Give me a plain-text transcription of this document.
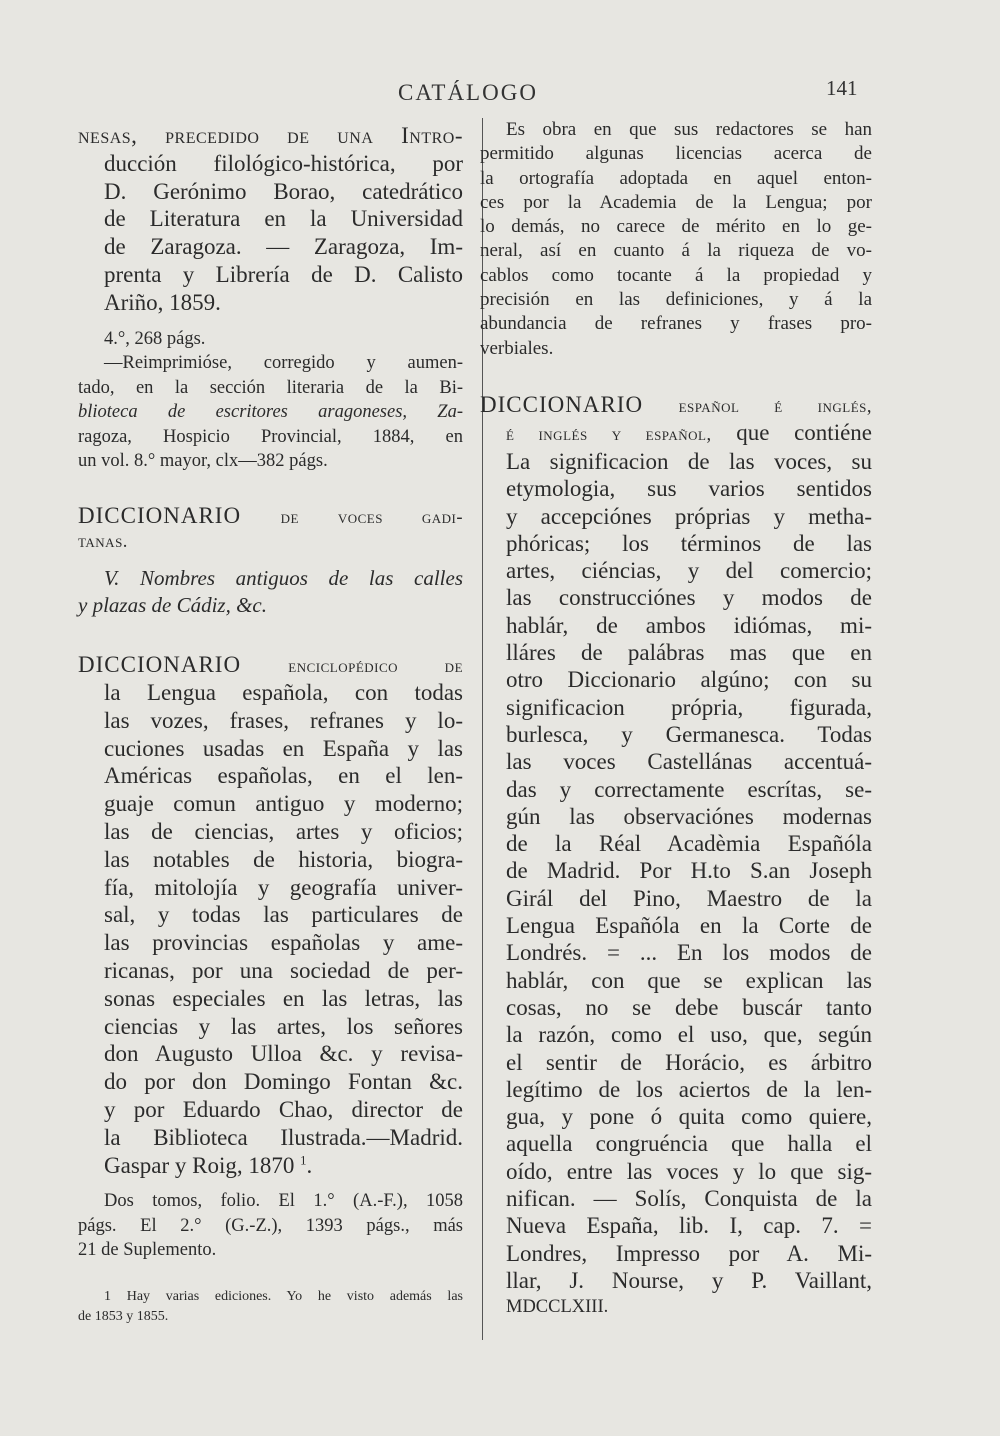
CATÁLOGO	141
nesas, precedido de una Intro-
ducción filológico-histórica, por
D. Gerónimo Borao, catedrático
de Literatura en la Universidad
de Zaragoza. — Zaragoza, Im-
prenta y Librería de D. Calisto
Ariño, 1859.
4.°, 268 págs.
—Reimprimióse, corregido y aumen-
tado, en la sección literaria de la Bi-
blioteca de escritores aragoneses, Za-
ragoza, Hospicio Provincial, 1884, en
un vol. 8.° mayor, clx—382 págs.
DICCIONARIO de voces gadi-
tanas.
V. Nombres antiguos de las calles
y plazas de Cádiz, &c.
DICCIONARIO	enciclopédico de
la Lengua española, con todas
las vozes, frases, refranes y lo-
cuciones usadas en España y las
Américas españolas, en el len-
guaje comun antiguo y moderno;
las de ciencias, artes y oficios;
las notables de historia, biogra-
fía, mitolojía y geografía univer-
sal, y todas las particulares de
las provincias españolas y ame-
ricanas, por una sociedad de per-
sonas especiales en las letras, las
ciencias y las artes, los señores
don Augusto Ulloa &c. y revisa-
do por don Domingo Fontan &c.
y por Eduardo Chao, director de
la Biblioteca Ilustrada.—Madrid.
Gaspar y Roig, 1870 $^1$.
Dos tomos, folio. El 1.° (A.-F.), 1058
págs. El 2.° (G.-Z.), 1393 págs., más
21 de Suplemento.
1 Hay varias ediciones. Yo he visto además las
de 1853 y 1855.
Es obra en que sus redactores se han
permitido algunas licencias acerca de
la ortografía adoptada en aquel enton-
ces por la Academia de la Lengua; por
lo demás, no carece de mérito en lo ge-
neral, así en cuanto á la riqueza de vo-
cablos como tocante á la propiedad y
precisión en las definiciones, y á la
abundancia de refranes y frases pro-
verbiales.
DICCIONARIO español é inglés,
é inglés y español, que contiéne
La significacion de las voces, su
etymologia, sus varios sentidos
y accepciónes próprias y metha-
phóricas; los términos de las
artes, ciéncias, y del comercio;
las construcciónes y modos de
hablár, de ambos idiómas, mi-
lláres de palábras mas que en
otro Diccionario algúno; con su
significacion própria, figurada,
burlesca, y Germanesca. Todas
las voces Castellánas accentuá-
das y correctamente escrítas, se-
gún las observaciónes modernas
de la Réal Acadèmia Españóla
de Madrid. Por H.to S.an Joseph
Girál del Pino, Maestro de la
Lengua Españóla en la Corte de
Londrés. = ... En los modos de
hablár, con que se explican las
cosas, no se debe buscár tanto
la razón, como el uso, que, según
el sentir de Horácio, es árbitro
legítimo de los aciertos de la len-
gua, y pone ó quita como quiere,
aquella congruéncia que halla el
oído, entre las voces y lo que sig-
nifican. — Solís, Conquista de la
Nueva España, lib. I, cap. 7. =
Londres, Impresso por A. Mi-
llar, J. Nourse, y P. Vaillant,
MDCCLXIII.
